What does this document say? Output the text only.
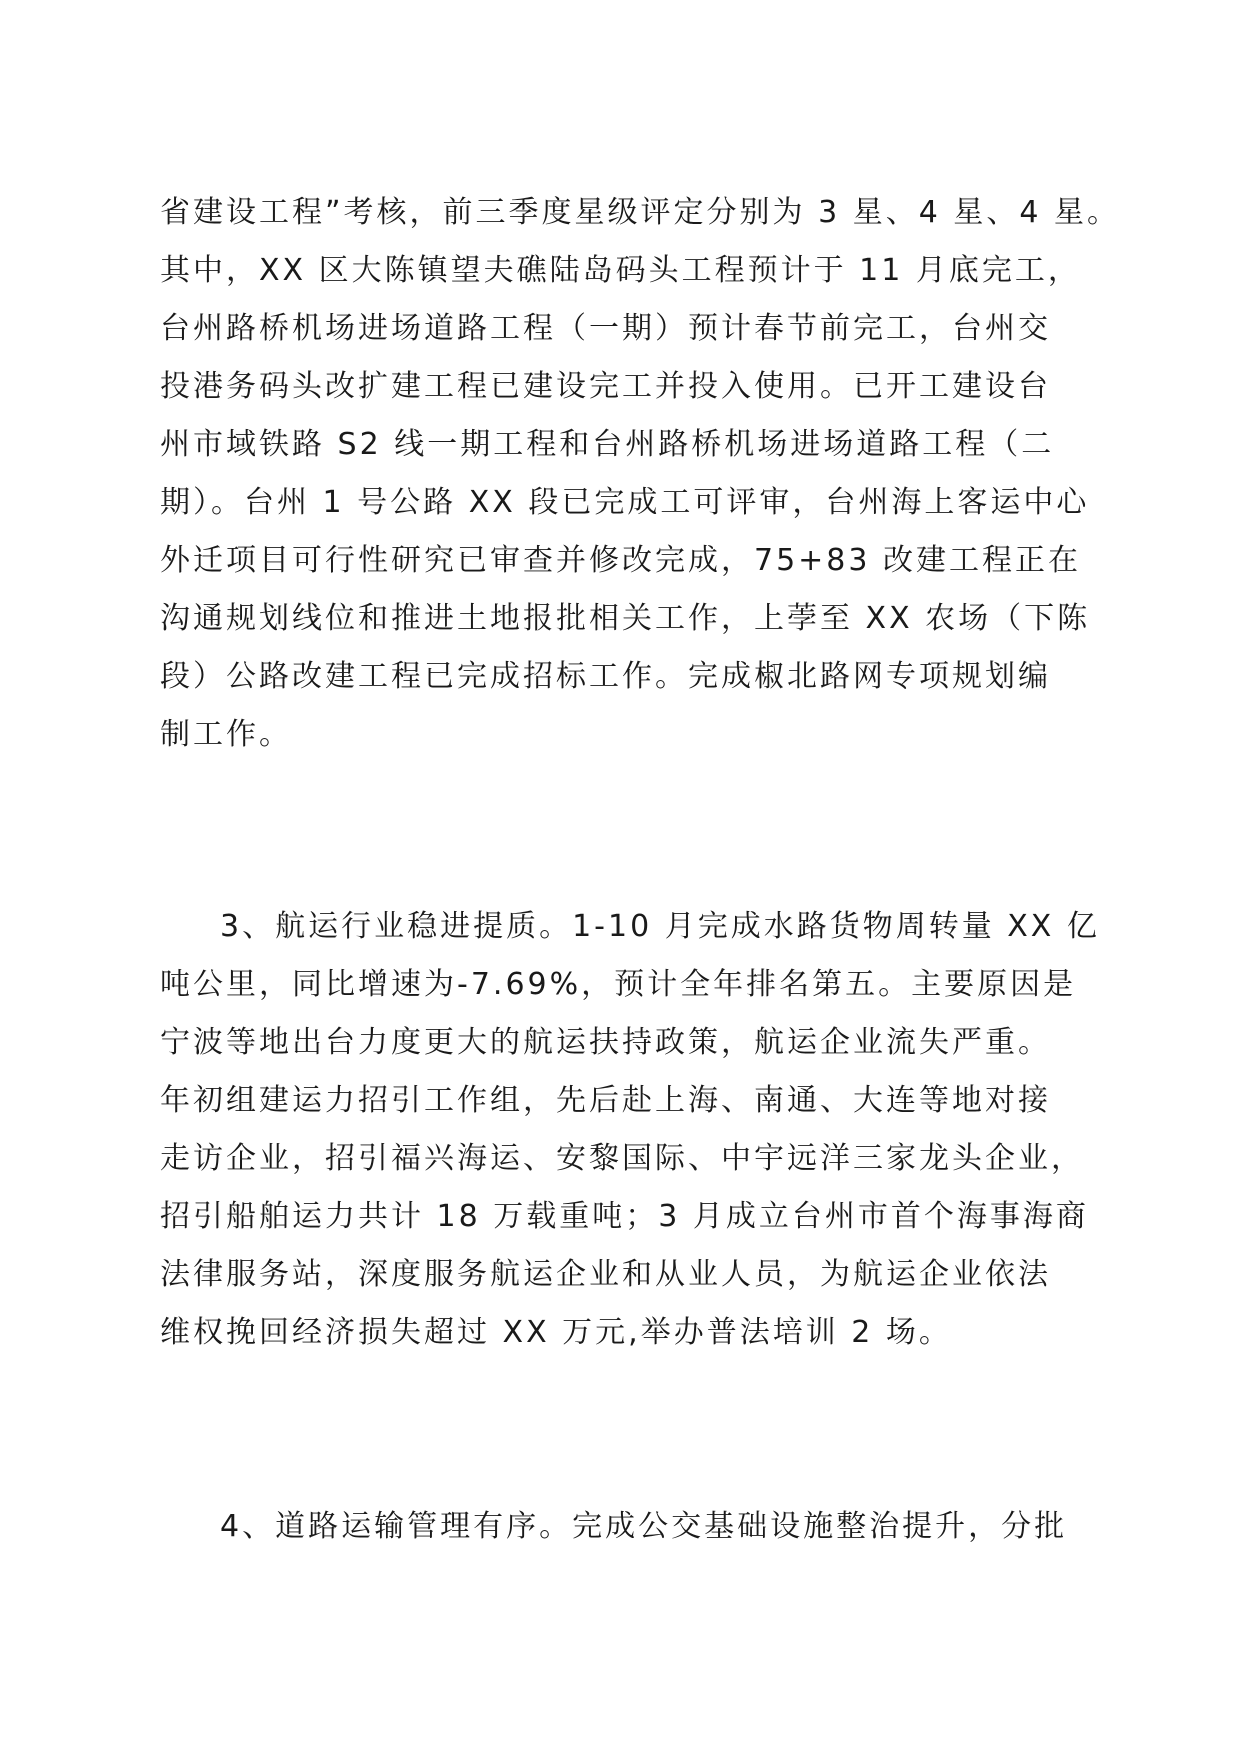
省建设工程”考核，前三季度星级评定分别为 3 星、4 星、4 星。
其中，XX 区大陈镇望夫礁陆岛码头工程预计于 11 月底完工，
台州路桥机场进场道路工程（一期）预计春节前完工，台州交
投港务码头改扩建工程已建设完工并投入使用。已开工建设台
州市域铁路 S2 线一期工程和台州路桥机场进场道路工程（二
期）。台州 1 号公路 XX 段已完成工可评审，台州海上客运中心
外迁项目可行性研究已审查并修改完成，75+83 改建工程正在
沟通规划线位和推进土地报批相关工作，上荸至 XX 农场（下陈
段）公路改建工程已完成招标工作。完成椒北路网专项规划编
制工作。
3、航运行业稳进提质。1-10 月完成水路货物周转量 XX 亿
吨公里，同比增速为-7.69%，预计全年排名第五。主要原因是
宁波等地出台力度更大的航运扶持政策，航运企业流失严重。
年初组建运力招引工作组，先后赴上海、南通、大连等地对接
走访企业，招引福兴海运、安黎国际、中宇远洋三家龙头企业，
招引船舶运力共计 18 万载重吨；3 月成立台州市首个海事海商
法律服务站，深度服务航运企业和从业人员，为航运企业依法
维权挽回经济损失超过 XX 万元,举办普法培训 2 场。
4、道路运输管理有序。完成公交基础设施整治提升，分批
